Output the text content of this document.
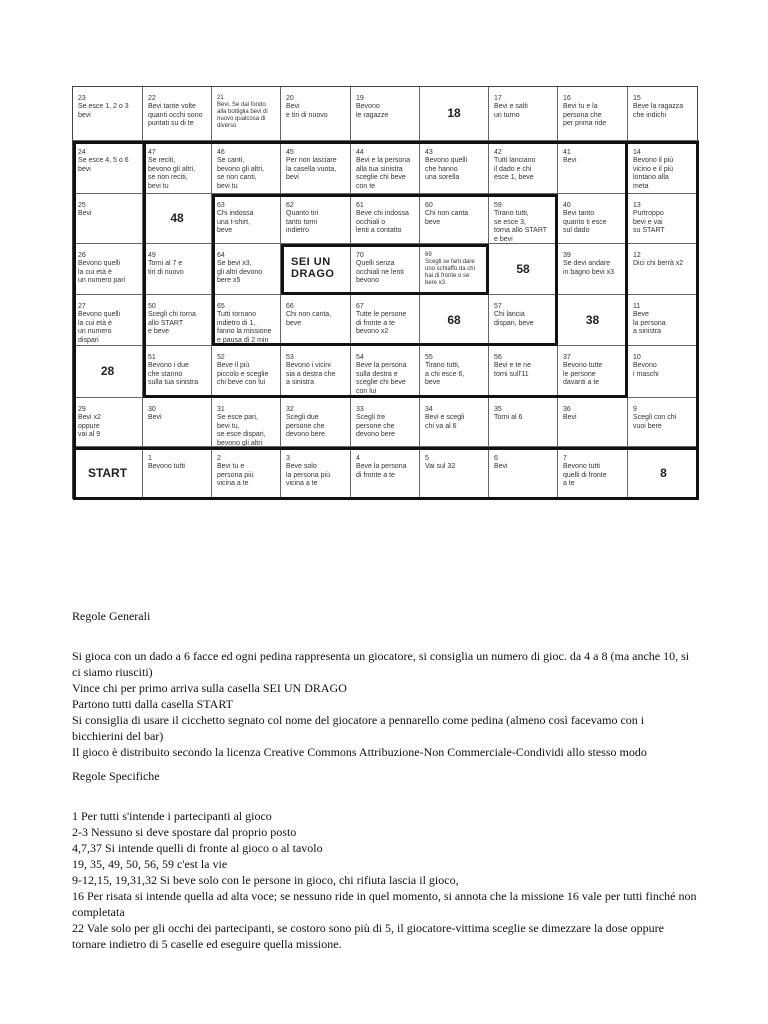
23
Se esce 1, 2 o 3
bevi
22
Bevi tante volte
quanti occhi sono
puntati su di te
21
Bevi. Se dai fondo
alla bottiglia bevi di
nuovo qualcosa di
diverso
20
Bevi
e tiri di nuovo
19
Bevono
le ragazze	18
17
Bevi e salti
un turno
16
Bevi tu e la
persona che
per prima ride
15
Beve la ragazza
che indichi
24
Se esce 4, 5 o 6
bevi
47
Se reciti,
bevono gli altri,
se non reciti,
bevi tu
46
Se canti,
bevono gli altri,
se non canti,
bevi tu
45
Per non lasciare
la casella vuota,
bevi
44
Bevi e la persona
alla tua sinistra
sceglie chi beve
con te
43
Bevono quelli
che hanno
una sorella
42
Tutti lanciano
il dado e chi
esce 1, beve
41
Bevi
14
Bevono il più
vicino e il più
lontano alla
meta
25
Bevi	48
63
Chi indossa
una t-shirt,
beve
62
Quanto tiri
tanto torni
indietro
61
Beve chi indossa
occhiali o
lenti a contatto
60
Chi non canta
beve
59
Tirano tutti,
se esce 3,
torna allo START
e bevi
40
Bevi tanto
quanto ti esce
sul dado
13
Purtroppo
bevi e vai
su START
26
Bevono quelli
la cui età è
un numero pari
49
Torni al 7 e
tiri di nuovo
64
Se bevi x3,
gli altri devono
bere x5
SEI UN
DRAGO
70
Quelli senza
occhiali ne lenti
bevono
69
Scegli se farti dare
uno schiaffo da chi
hai di fronte o se
bere x3
58
39
Se devi andare
in bagno bevi x3
12
Dici chi berrà x2
27
Bevono quelli
la cui età è
un numero
dispari
50
Scegli chi torna
allo START
e beve
65
Tutti tornano
indietro di 1,
fanno la missione
e pausa di 2 min
66
Chi non canta,
beve
67
Tutte le persone
di fronte a te
bevono x2
68
57
Chi lancia
dispari, beve	38
11
Beve
la persona
a sinistra
28
51
Bevono i due
che stanno
sulla tua sinistra
52
Beve il più
piccolo e sceglie
chi beve con lui
53
Bevono i vicini
sia a destra che
a sinistra
54
Beve la persona
sulla destra e
sceglie chi beve
con lui
55
Tirano tutti,
a chi esce 6,
beve
56
Bevi e te ne
torni sull'11
37
Bevono tutte
le persone
davanti a te
10
Bevono
i maschi
29
Bevi x2
oppure
vai al 9
30
Bevi
31
Se esce pari,
bevi tu,
se esce dispari,
bevono gli altri
32
Scegli due
persone che
devono bere
33
Scegli tre
persone che
devono bere
34
Bevi e scegli
chi va al 6
35
Torni al 6
36
Bevi
9
Scegli con chi
vuoi bere
START
1
Bevono tutti
2
Bevi tu e
persona più
vicina a te
3
Beve solo
la persona più
vicina a te
4
Beve la persona
di fronte a te
5
Vai sul 32
6
Bevi
7
Bevono tutti
quelli di fronte
a te
8

Regole Generali

Si gioca con un dado a 6 facce ed ogni pedina rappresenta un giocatore, si consiglia un numero di gioc. da 4 a 8 (ma anche 10, si ci siamo riusciti)

Vince chi per primo arriva sulla casella SEI UN DRAGO

Partono tutti dalla casella START

Si consiglia di usare il cicchetto segnato col nome del giocatore a pennarello come pedina (almeno così facevamo con i bicchierini del bar)

Il gioco è distribuito secondo la licenza Creative Commons Attribuzione-Non Commerciale-Condividi allo stesso modo

Regole Specifiche

1 Per tutti s'intende i partecipanti al gioco

2-3 Nessuno si deve spostare dal proprio posto

4,7,37 Si intende quelli di fronte al gioco o al tavolo

19, 35, 49, 50, 56, 59 c'est la vie

9-12,15, 19,31,32 Si beve solo con le persone in gioco, chi rifiuta lascia il gioco,

16 Per risata si intende quella ad alta voce; se nessuno ride in quel momento, si annota che la missione 16 vale per tutti finché non completata

22 Vale solo per gli occhi dei partecipanti, se costoro sono più di 5, il giocatore-vittima sceglie se dimezzare la dose oppure tornare indietro di 5 caselle ed eseguire quella missione.
